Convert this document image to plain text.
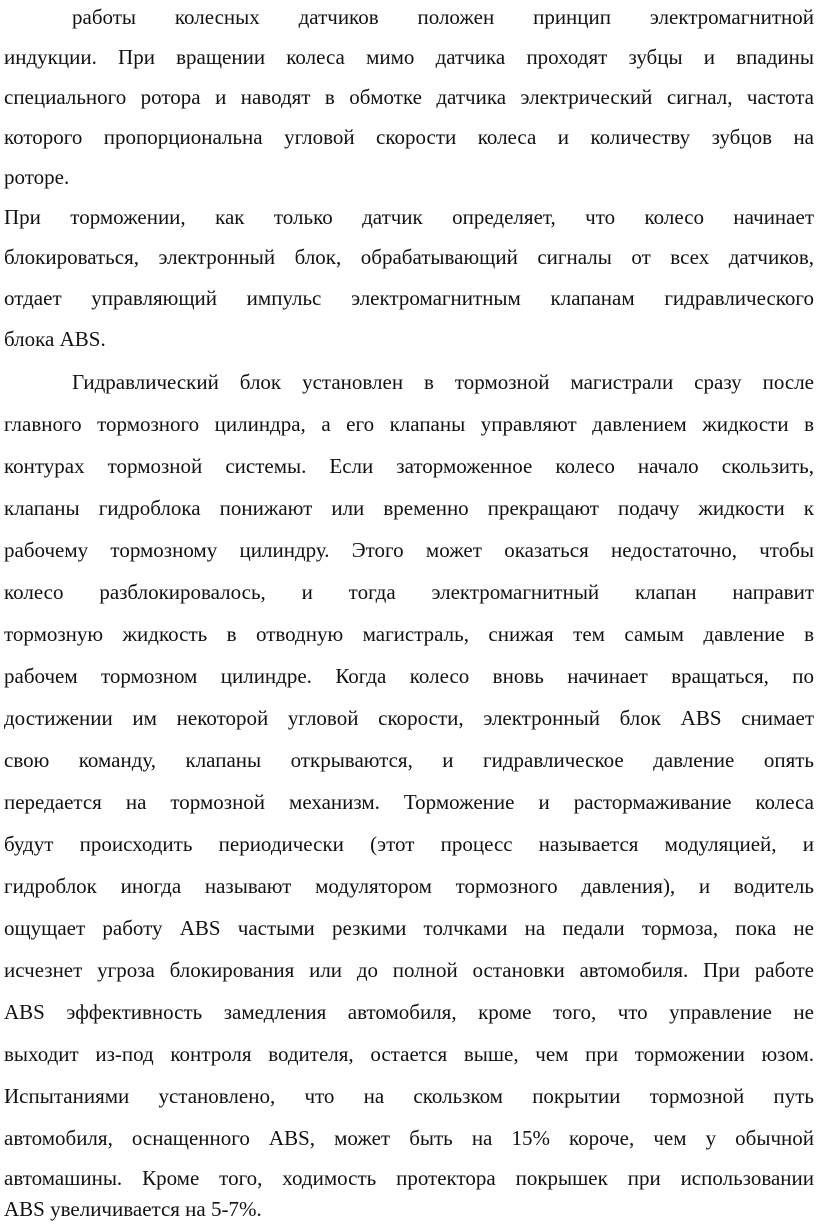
работы колесных датчиков положен принцип электромагнитной
индукции. При вращении колеса мимо датчика проходят зубцы и впадины
специального ротора и наводят в обмотке датчика электрический сигнал, частота
которого пропорциональна угловой скорости колеса и количеству зубцов на
роторе.
При торможении, как только датчик определяет, что колесо начинает
блокироваться, электронный блок, обрабатывающий сигналы от всех датчиков,
отдает управляющий импульс электромагнитным клапанам гидравлического
блока ABS.
Гидравлический блок установлен в тормозной магистрали сразу после
главного тормозного цилиндра, а его клапаны управляют давлением жидкости в
контурах тормозной системы. Если заторможенное колесо начало скользить,
клапаны гидроблока понижают или временно прекращают подачу жидкости к
рабочему тормозному цилиндру. Этого может оказаться недостаточно, чтобы
колесо разблокировалось, и тогда электромагнитный клапан направит
тормозную жидкость в отводную магистраль, снижая тем самым давление в
рабочем тормозном цилиндре. Когда колесо вновь начинает вращаться, по
достижении им некоторой угловой скорости, электронный блок ABS снимает
свою команду, клапаны открываются, и гидравлическое давление опять
передается на тормозной механизм. Торможение и растормаживание колеса
будут происходить периодически (этот процесс называется модуляцией, и
гидроблок иногда называют модулятором тормозного давления), и водитель
ощущает работу ABS частыми резкими толчками на педали тормоза, пока не
исчезнет угроза блокирования или до полной остановки автомобиля. При работе
ABS эффективность замедления автомобиля, кроме того, что управление не
выходит из-под контроля водителя, остается выше, чем при торможении юзом.
Испытаниями установлено, что на скользком покрытии тормозной путь
автомобиля, оснащенного ABS, может быть на 15% короче, чем у обычной
автомашины. Кроме того, ходимость протектора покрышек при использовании
ABS увеличивается на 5-7%.
